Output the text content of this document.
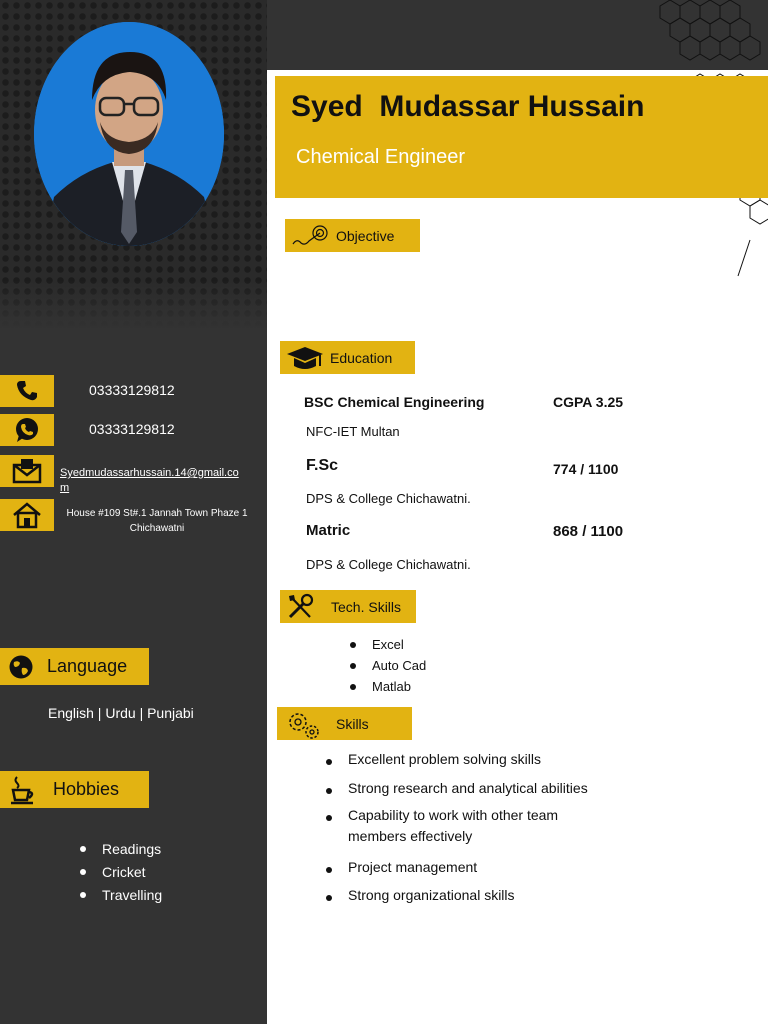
03333129812
03333129812
Syedmudassarhussain.14@gmail.com
House #109 St#.1 Jannah Town Phaze 1
Chichawatni
Language
English | Urdu | Punjabi
Hobbies
Readings
Cricket
Travelling
Syed  Mudassar Hussain
Chemical Engineer
Objective
Education
BSC Chemical Engineering	CGPA 3.25
NFC-IET Multan
F.Sc	774 / 1100
DPS & College Chichawatni.
Matric	868 / 1100
DPS & College Chichawatni.
Tech. Skills
Excel
Auto Cad
Matlab
Skills
Excellent problem solving skills
Strong research and analytical abilities
Capability to work with other team
members effectively
Project management
Strong organizational skills
